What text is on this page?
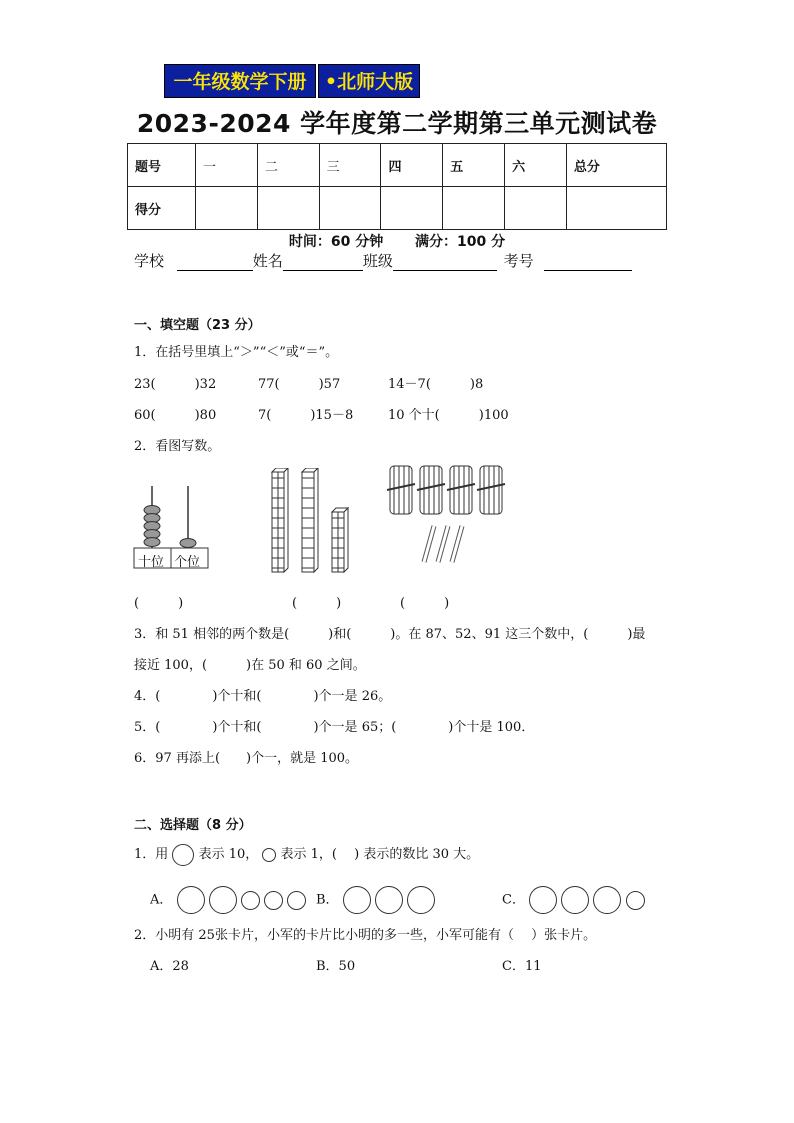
一年级数学下册 •北师大版
2023-2024 学年度第二学期第三单元测试卷
题号	一	二	三	四	五	六	总分
得分							
时间：60 分钟 满分：100 分
学校	姓名	班级	考号
一、填空题（23 分）
1．在括号里填上“＞”“＜”或“＝”。
23(　　　)32	77(　　　)57	14－7(　　　)8
60(　　　)80	7(　　　)15－8	10 个十(　　　)100
2．看图写数。
十位 个位
(　　　)	(　　　)	(　　　)
3．和 51 相邻的两个数是(　　　)和(　　　)。在 87、52、91 这三个数中，(　　　)最
接近 100，(　　　)在 50 和 60 之间。
4．(　　　　)个十和(　　　　)个一是 26。
5．(　　　　)个十和(　　　　)个一是 65；(　　　　)个十是 100．
6．97 再添上(　　)个一，就是 100。
二、选择题（8 分）
1．用 表示 10， 表示 1，(　 ) 表示的数比 30 大。
A．	B．	C．
2．小明有 25张卡片，小军的卡片比小明的多一些，小军可能有（　 ）张卡片。
A．28	B．50	C．11
